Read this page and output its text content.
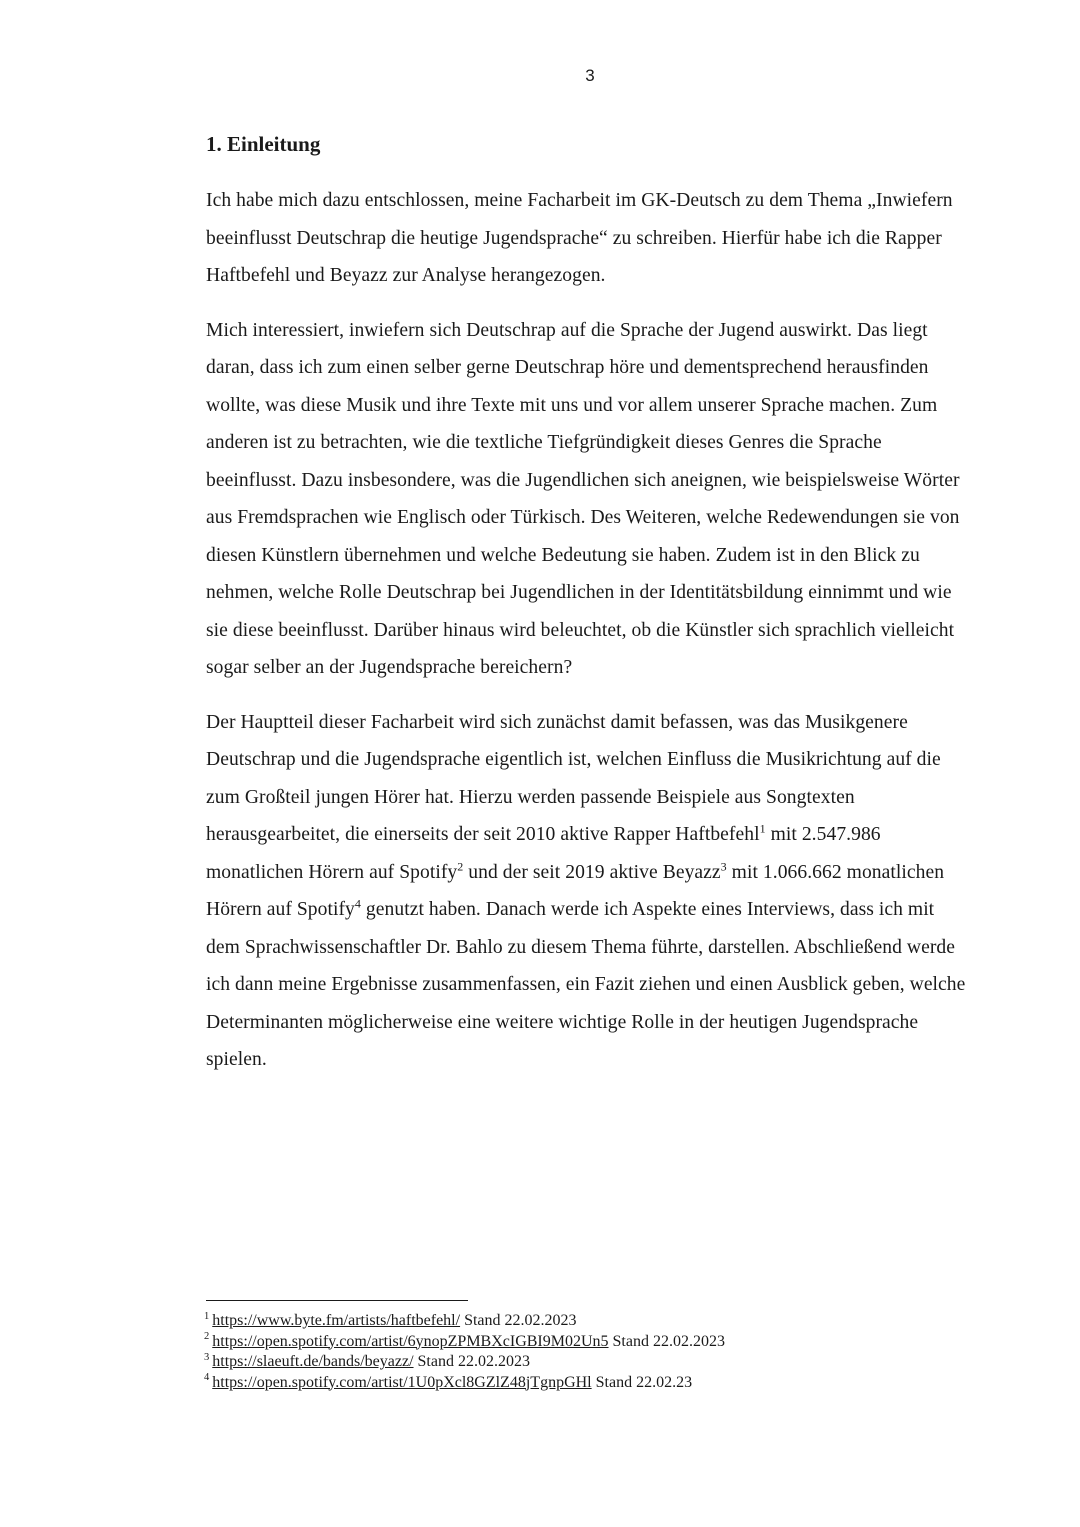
3
1. Einleitung

Ich habe mich dazu entschlossen, meine Facharbeit im GK-Deutsch zu dem Thema „Inwiefern beeinflusst Deutschrap die heutige Jugendsprache“ zu schreiben. Hierfür habe ich die Rapper Haftbefehl und Beyazz zur Analyse herangezogen.

Mich interessiert, inwiefern sich Deutschrap auf die Sprache der Jugend auswirkt. Das liegt daran, dass ich zum einen selber gerne Deutschrap höre und dementsprechend herausfinden wollte, was diese Musik und ihre Texte mit uns und vor allem unserer Sprache machen. Zum anderen ist zu betrachten, wie die textliche Tiefgründigkeit dieses Genres die Sprache beeinflusst. Dazu insbesondere, was die Jugendlichen sich aneignen, wie beispielsweise Wörter aus Fremdsprachen wie Englisch oder Türkisch. Des Weiteren, welche Redewendungen sie von diesen Künstlern übernehmen und welche Bedeutung sie haben. Zudem ist in den Blick zu nehmen, welche Rolle Deutschrap bei Jugendlichen in der Identitätsbildung einnimmt und wie sie diese beeinflusst. Darüber hinaus wird beleuchtet, ob die Künstler sich sprachlich vielleicht sogar selber an der Jugendsprache bereichern?

Der Hauptteil dieser Facharbeit wird sich zunächst damit befassen, was das Musikgenere Deutschrap und die Jugendsprache eigentlich ist, welchen Einfluss die Musikrichtung auf die zum Großteil jungen Hörer hat. Hierzu werden passende Beispiele aus Songtexten herausgearbeitet, die einerseits der seit 2010 aktive Rapper Haftbefehl$^1$ mit 2.547.986 monatlichen Hörern auf Spotify$^2$ und der seit 2019 aktive Beyazz$^3$ mit 1.066.662 monatlichen Hörern auf Spotify$^4$ genutzt haben. Danach werde ich Aspekte eines Interviews, dass ich mit dem Sprachwissenschaftler Dr. Bahlo zu diesem Thema führte, darstellen. Abschließend werde ich dann meine Ergebnisse zusammenfassen, ein Fazit ziehen und einen Ausblick geben, welche Determinanten möglicherweise eine weitere wichtige Rolle in der heutigen Jugendsprache spielen.

$^1$ https://www.byte.fm/artists/haftbefehl/ Stand 22.02.2023
$^2$ https://open.spotify.com/artist/6ynopZPMBXcIGBI9M02Un5 Stand 22.02.2023
$^3$ https://slaeuft.de/bands/beyazz/ Stand 22.02.2023
$^4$ https://open.spotify.com/artist/1U0pXcl8GZlZ48jTgnpGHl Stand 22.02.23
